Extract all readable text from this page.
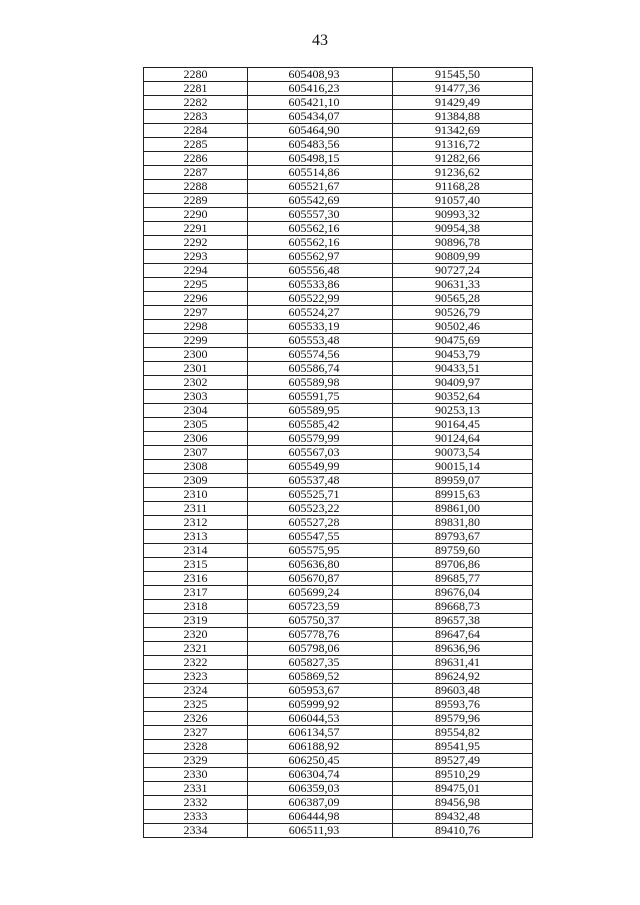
43
2280	605408,93	91545,50
2281	605416,23	91477,36
2282	605421,10	91429,49
2283	605434,07	91384,88
2284	605464,90	91342,69
2285	605483,56	91316,72
2286	605498,15	91282,66
2287	605514,86	91236,62
2288	605521,67	91168,28
2289	605542,69	91057,40
2290	605557,30	90993,32
2291	605562,16	90954,38
2292	605562,16	90896,78
2293	605562,97	90809,99
2294	605556,48	90727,24
2295	605533,86	90631,33
2296	605522,99	90565,28
2297	605524,27	90526,79
2298	605533,19	90502,46
2299	605553,48	90475,69
2300	605574,56	90453,79
2301	605586,74	90433,51
2302	605589,98	90409,97
2303	605591,75	90352,64
2304	605589,95	90253,13
2305	605585,42	90164,45
2306	605579,99	90124,64
2307	605567,03	90073,54
2308	605549,99	90015,14
2309	605537,48	89959,07
2310	605525,71	89915,63
2311	605523,22	89861,00
2312	605527,28	89831,80
2313	605547,55	89793,67
2314	605575,95	89759,60
2315	605636,80	89706,86
2316	605670,87	89685,77
2317	605699,24	89676,04
2318	605723,59	89668,73
2319	605750,37	89657,38
2320	605778,76	89647,64
2321	605798,06	89636,96
2322	605827,35	89631,41
2323	605869,52	89624,92
2324	605953,67	89603,48
2325	605999,92	89593,76
2326	606044,53	89579,96
2327	606134,57	89554,82
2328	606188,92	89541,95
2329	606250,45	89527,49
2330	606304,74	89510,29
2331	606359,03	89475,01
2332	606387,09	89456,98
2333	606444,98	89432,48
2334	606511,93	89410,76
